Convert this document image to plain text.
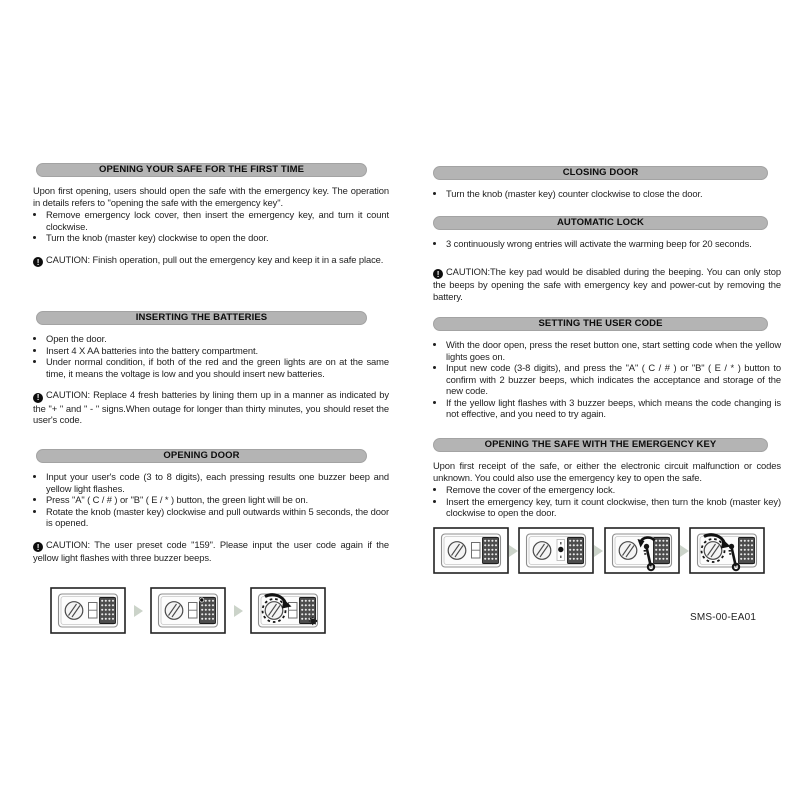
OPENING YOUR SAFE FOR THE FIRST TIME

Upon first opening, users should open the safe with the emergency key. The operation in details refers to "opening the safe with the emergency key".

• Remove emergency lock cover, then insert the emergency key, and turn it count clockwise.
• Turn the knob (master key) clockwise to open the door.

! CAUTION: Finish operation, pull out the emergency key and keep it in a safe place.

INSERTING THE BATTERIES
• Open the door.
• Insert 4 X AA batteries into the battery compartment.
• Under normal condition, if both of the red and the green lights are on at the same time, it means the voltage is low and you should insert new batteries.

! CAUTION: Replace 4 fresh batteries by lining them up in a manner as indicated by the "+ " and " - " signs.When outage for longer than thirty minutes, you should reset the user's code.

OPENING DOOR
• Input your user's code (3 to 8 digits), each pressing results one buzzer beep and yellow light flashes.
• Press "A" ( C / # ) or "B" ( E / * ) button, the green light will be on.
• Rotate the knob (master key) clockwise and pull outwards within 5 seconds, the door is opened.

! CAUTION: The user preset code "159". Please input the user code again if the yellow light flashes with three buzzer beeps.

CLOSING DOOR
• Turn the knob (master key) counter clockwise to close the door.
AUTOMATIC LOCK
• 3 continuously wrong entries will activate the warming beep for 20 seconds.

! CAUTION:The key pad would be disabled during the beeping. You can only stop the beeps by opening the safe with emergency key and power-cut by removing the battery.

SETTING THE USER CODE
• With the door open, press the reset button one, start setting code when the yellow lights goes on.
• Input new code (3-8 digits), and press the "A" ( C / # ) or "B" ( E / * ) button to confirm with 2 buzzer beeps, which indicates the acceptance and storage of the new code.
• If the yellow light flashes with 3 buzzer beeps, which means the code changing is not effective, and you need to try again.
OPENING THE SAFE WITH THE EMERGENCY KEY

Upon first receipt of the safe, or either the electronic circuit malfunction or codes unknown. You could also use the emergency key to open the safe.

• Remove the cover of the emergency lock.
• Insert the emergency key, turn it count clockwise, then turn the knob (master key) clockwise to open the door.
SMS-00-EA01
